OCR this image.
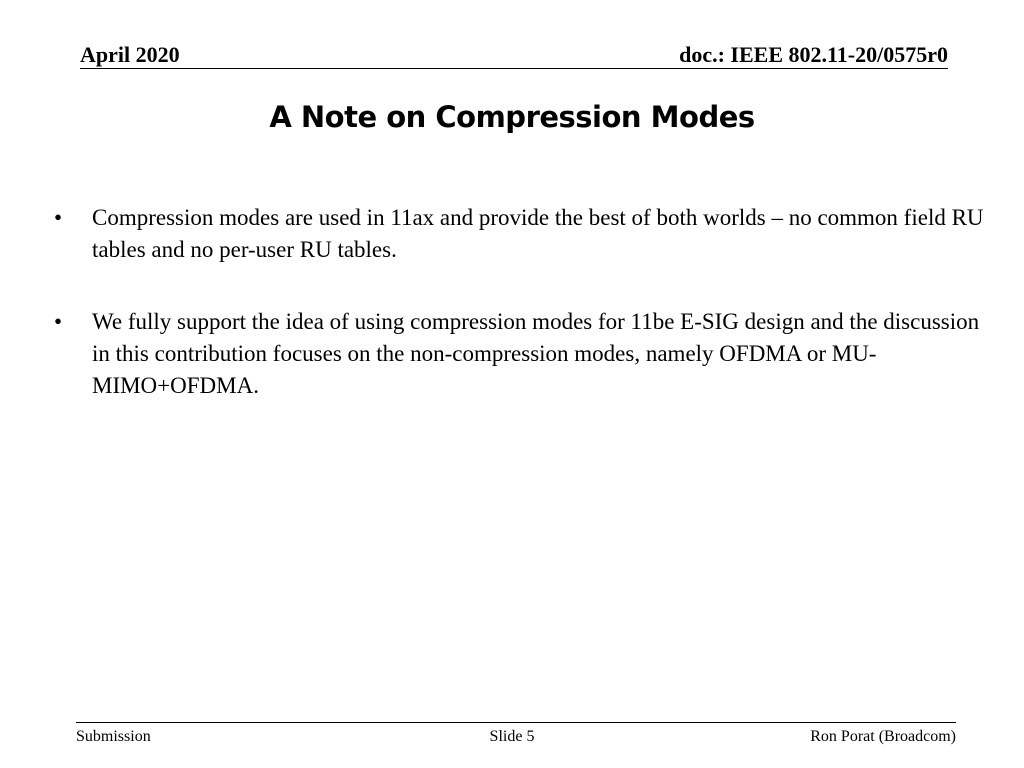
April 2020	doc.: IEEE 802.11-20/0575r0
A Note on Compression Modes
•	Compression modes are used in 11ax and provide the best of both worlds – no common field RU tables and no per-user RU tables.
•	We fully support the idea of using compression modes for 11be E-SIG design and the discussion in this contribution focuses on the non-compression modes, namely OFDMA or MU-MIMO+OFDMA.
Submission	Slide 5	Ron Porat (Broadcom)
